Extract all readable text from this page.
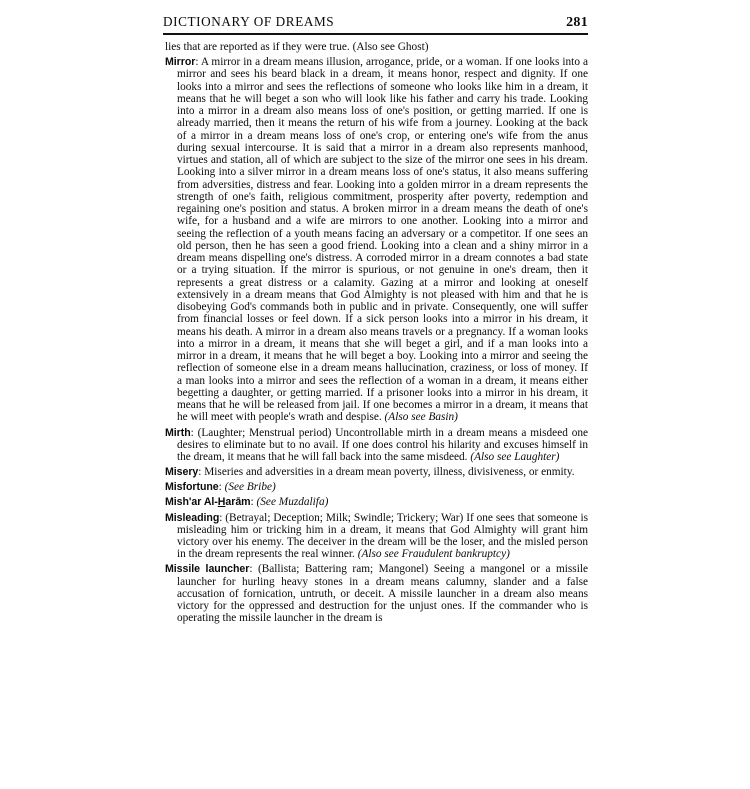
DICTIONARY OF DREAMS	281

lies that are reported as if they were true. (Also see Ghost)

Mirror: A mirror in a dream means illusion, arrogance, pride, or a woman. If one looks into a mirror and sees his beard black in a dream, it means honor, respect and dignity. If one looks into a mirror and sees the reflections of someone who looks like him in a dream, it means that he will beget a son who will look like his father and carry his trade. Looking into a mirror in a dream also means loss of one's position, or getting married. If one is already married, then it means the return of his wife from a journey. Looking at the back of a mirror in a dream means loss of one's crop, or entering one's wife from the anus during sexual intercourse. It is said that a mirror in a dream also represents manhood, virtues and station, all of which are subject to the size of the mirror one sees in his dream. Looking into a silver mirror in a dream means loss of one's status, it also means suffering from adversities, distress and fear. Looking into a golden mirror in a dream represents the strength of one's faith, religious commitment, prosperity after poverty, redemption and regaining one's position and status. A broken mirror in a dream means the death of one's wife, for a husband and a wife are mirrors to one another. Looking into a mirror and seeing the reflection of a youth means facing an adversary or a competitor. If one sees an old person, then he has seen a good friend. Looking into a clean and a shiny mirror in a dream means dispelling one's distress. A corroded mirror in a dream connotes a bad state or a trying situation. If the mirror is spurious, or not genuine in one's dream, then it represents a great distress or a calamity. Gazing at a mirror and looking at oneself extensively in a dream means that God Almighty is not pleased with him and that he is disobeying God's commands both in public and in private. Consequently, one will suffer from financial losses or feel down. If a sick person looks into a mirror in his dream, it means his death. A mirror in a dream also means travels or a pregnancy. If a woman looks into a mirror in a dream, it means that she will beget a girl, and if a man looks into a mirror in a dream, it means that he will beget a boy. Looking into a mirror and seeing the reflection of someone else in a dream means hallucination, craziness, or loss of money. If a man looks into a mirror and sees the reflection of a woman in a dream, it means either begetting a daughter, or getting married. If a prisoner looks into a mirror in his dream, it means that he will be released from jail. If one becomes a mirror in a dream, it means that he will meet with people's wrath and despise. (Also see Basin)

Mirth: (Laughter; Menstrual period) Uncontrollable mirth in a dream means a misdeed one desires to eliminate but to no avail. If one does control his hilarity and excuses himself in the dream, it means that he will fall back into the same misdeed. (Also see Laughter)

Misery: Miseries and adversities in a dream mean poverty, illness, divisiveness, or enmity.

Misfortune: (See Bribe)

Mish'ar Al-Harām: (See Muzdalifa)

Misleading: (Betrayal; Deception; Milk; Swindle; Trickery; War) If one sees that someone is misleading him or tricking him in a dream, it means that God Almighty will grant him victory over his enemy. The deceiver in the dream will be the loser, and the misled person in the dream represents the real winner. (Also see Fraudulent bankruptcy)

Missile launcher: (Ballista; Battering ram; Mangonel) Seeing a mangonel or a missile launcher for hurling heavy stones in a dream means calumny, slander and a false accusation of fornication, untruth, or deceit. A missile launcher in a dream also means victory for the oppressed and destruction for the unjust ones. If the commander who is operating the missile launcher in the dream is
